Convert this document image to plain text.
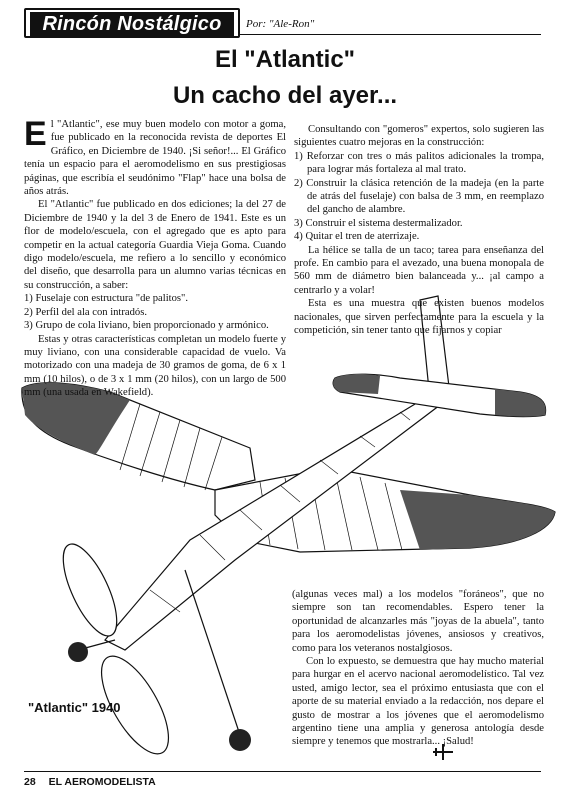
Rincón Nostálgico	Por: "Ale-Ron"
El "Atlantic"
Un cacho del ayer...
E l "Atlantic", ese muy buen modelo con motor a goma, fue publicado en la reconocida revista de deportes El Gráfico, en Diciembre de 1940. ¡Si señor!... El Gráfico tenía un espacio para el aeromodelismo en sus prestigiosas páginas, que escribía el seudónimo "Flap" hace una bolsa de años atrás.

El "Atlantic" fue publicado en dos ediciones; la del 27 de Diciembre de 1940 y la del 3 de Enero de 1941. Este es un flor de modelo/escuela, con el agregado que es apto para competir en la actual categoría Guardia Vieja Goma. Cuando digo modelo/escuela, me refiero a lo sencillo y económico del diseño, que desarrolla para un alumno varias técnicas en su construcción, a saber:

1) Fuselaje con estructura "de palitos".
2) Perfil del ala con intradós.
3) Grupo de cola liviano, bien proporcionado y armónico.

Estas y otras características completan un modelo fuerte y muy liviano, con una considerable capacidad de vuelo. Va motorizado con una madeja de 30 gramos de goma, de 6 x 1 mm (10 hilos), o de 3 x 1 mm (20 hilos), con un largo de 500 mm (una usada en Wakefield).

Consultando con "gomeros" expertos, solo sugieren las siguientes cuatro mejoras en la construcción:

1) Reforzar con tres o más palitos adicionales la trompa, para lograr más fortaleza al mal trato.
2) Construir la clásica retención de la madeja (en la parte de atrás del fuselaje) con balsa de 3 mm, en reemplazo del gancho de alambre.
3) Construir el sistema destermalizador.
4) Quitar el tren de aterrizaje.

La hélice se talla de un taco; tarea para enseñanza del profe. En cambio para el avezado, una buena monopala de 560 mm de diámetro bien balanceada y... ¡al campo a centrarlo y a volar!

Esta es una muestra que existen buenos modelos nacionales, que sirven perfectamente para la escuela y la competición, sin tener tanto que fijarnos y copiar

(algunas veces mal) a los modelos "foráneos", que no siempre son tan recomendables. Espero tener la oportunidad de alcanzarles más "joyas de la abuela", tanto para los aeromodelistas jóvenes, ansiosos y creativos, como para los veteranos nostalgiosos.

Con lo expuesto, se demuestra que hay mucho material para hurgar en el acervo nacional aeromodelístico. Tal vez usted, amigo lector, sea el próximo entusiasta que con el aporte de su material enviado a la redacción, nos depare el gusto de mostrar a los jóvenes que el aeromodelismo argentino tiene una amplia y generosa antología desde siempre y tenemos que mostrarla... ¡Salud!

"Atlantic" 1940
28 EL AEROMODELISTA
